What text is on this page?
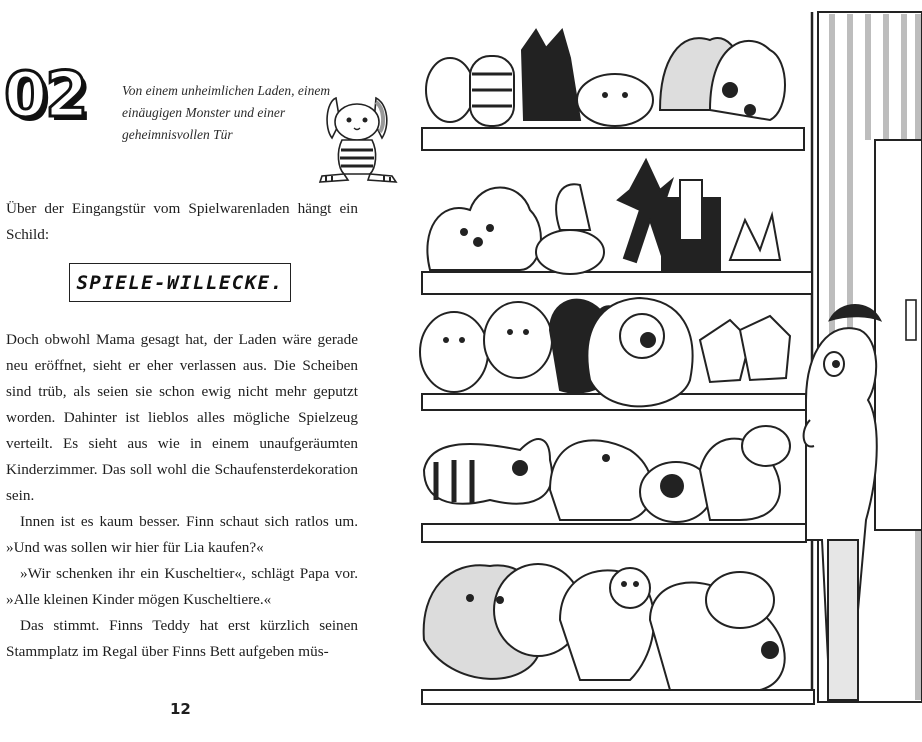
02	Von einem unheimlichen Laden, einem einäugigen Monster und einer geheimnisvollen Tür
Über der Eingangstür vom Spielwarenladen hängt ein Schild:
SPIELE-WILLECKE.

Doch obwohl Mama gesagt hat, der Laden wäre gerade neu eröffnet, sieht er eher verlassen aus. Die Scheiben sind trüb, als seien sie schon ewig nicht mehr geputzt worden. Dahinter ist lieblos alles mögliche Spielzeug verteilt. Es sieht aus wie in einem unaufgeräumten Kinderzimmer. Das soll wohl die Schaufensterdekoration sein.

Innen ist es kaum besser. Finn schaut sich ratlos um. »Und was sollen wir hier für Lia kaufen?«

»Wir schenken ihr ein Kuscheltier«, schlägt Papa vor. »Alle kleinen Kinder mögen Kuscheltiere.«

Das stimmt. Finns Teddy hat erst kürzlich seinen Stammplatz im Regal über Finns Bett aufgeben müs-

12
